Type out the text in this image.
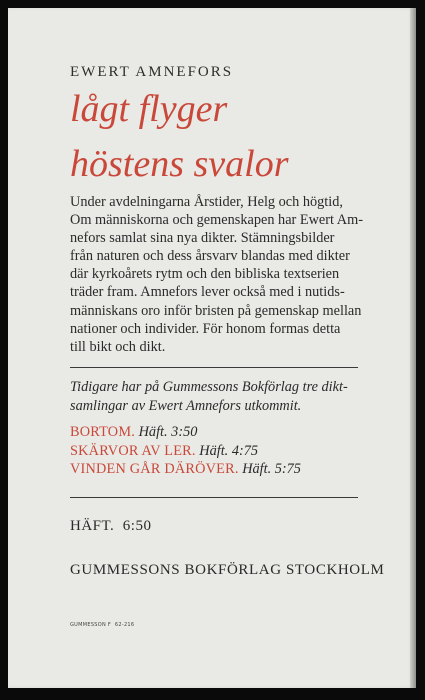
EWERT AMNEFORS
lågt flyger
höstens svalor
Under avdelningarna Årstider, Helg och högtid,
Om människorna och gemenskapen har Ewert Am-
nefors samlat sina nya dikter. Stämningsbilder
från naturen och dess årsvarv blandas med dikter
där kyrkoårets rytm och den bibliska textserien
träder fram. Amnefors lever också med i nutids-
människans oro inför bristen på gemenskap mellan
nationer och individer. För honom formas detta
till bikt och dikt.
Tidigare har på Gummessons Bokförlag tre dikt-
samlingar av Ewert Amnefors utkommit.
BORTOM. Häft. 3:50
SKÄRVOR AV LER. Häft. 4:75
VINDEN GÅR DÄRÖVER. Häft. 5:75
HÄFT.  6:50
GUMMESSONS BOKFÖRLAG STOCKHOLM
GUMMESSON F  62-216
